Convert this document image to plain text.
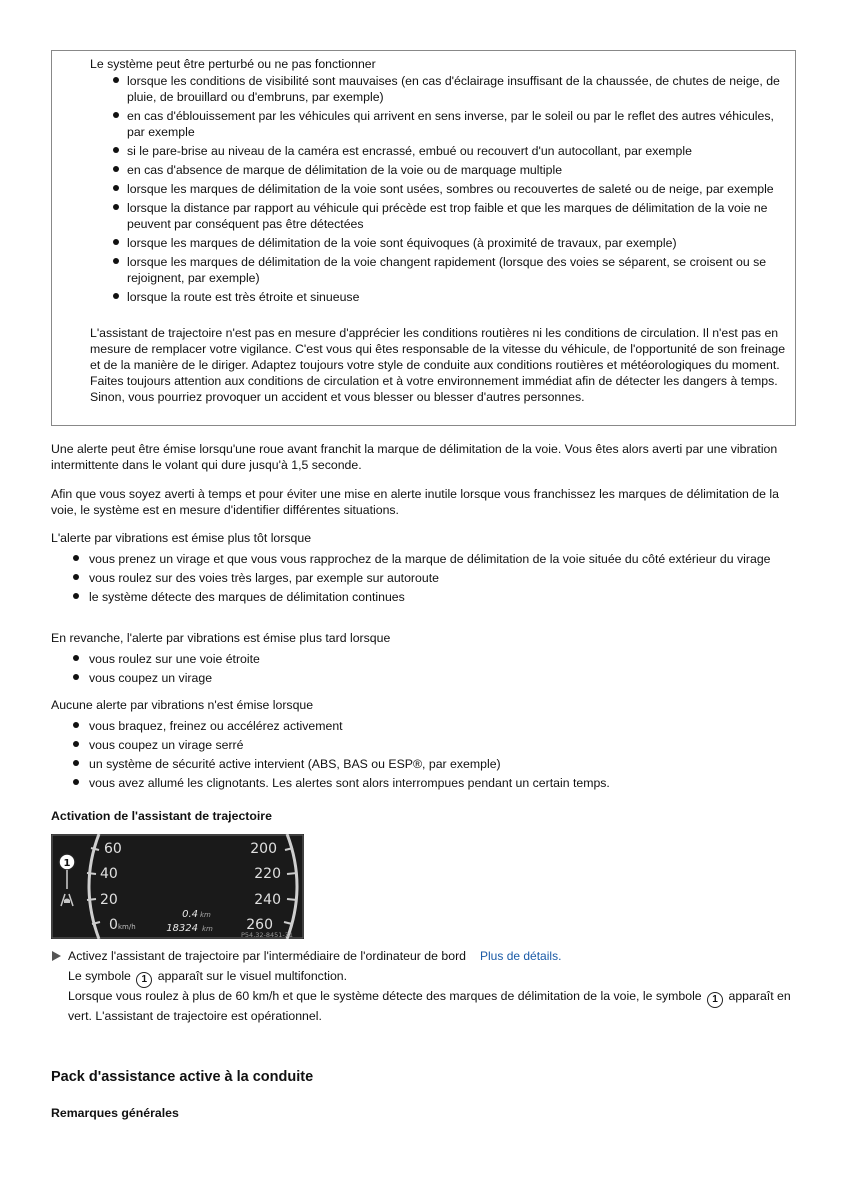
Le système peut être perturbé ou ne pas fonctionner
lorsque les conditions de visibilité sont mauvaises (en cas d'éclairage insuffisant de la chaussée, de chutes de neige, de pluie, de brouillard ou d'embruns, par exemple)
en cas d'éblouissement par les véhicules qui arrivent en sens inverse, par le soleil ou par le reflet des autres véhicules, par exemple
si le pare-brise au niveau de la caméra est encrassé, embué ou recouvert d'un autocollant, par exemple
en cas d'absence de marque de délimitation de la voie ou de marquage multiple
lorsque les marques de délimitation de la voie sont usées, sombres ou recouvertes de saleté ou de neige, par exemple
lorsque la distance par rapport au véhicule qui précède est trop faible et que les marques de délimitation de la voie ne peuvent par conséquent pas être détectées
lorsque les marques de délimitation de la voie sont équivoques (à proximité de travaux, par exemple)
lorsque les marques de délimitation de la voie changent rapidement (lorsque des voies se séparent, se croisent ou se rejoignent, par exemple)
lorsque la route est très étroite et sinueuse
L'assistant de trajectoire n'est pas en mesure d'apprécier les conditions routières ni les conditions de circulation. Il n'est pas en mesure de remplacer votre vigilance. C'est vous qui êtes responsable de la vitesse du véhicule, de l'opportunité de son freinage et de la manière de le diriger. Adaptez toujours votre style de conduite aux conditions routières et météorologiques du moment. Faites toujours attention aux conditions de circulation et à votre environnement immédiat afin de détecter les dangers à temps. Sinon, vous pourriez provoquer un accident et vous blesser ou blesser d'autres personnes.

Une alerte peut être émise lorsqu'une roue avant franchit la marque de délimitation de la voie. Vous êtes alors averti par une vibration intermittente dans le volant qui dure jusqu'à 1,5 seconde.

Afin que vous soyez averti à temps et pour éviter une mise en alerte inutile lorsque vous franchissez les marques de délimitation de la voie, le système est en mesure d'identifier différentes situations.

L'alerte par vibrations est émise plus tôt lorsque

vous prenez un virage et que vous vous rapprochez de la marque de délimitation de la voie située du côté extérieur du virage
vous roulez sur des voies très larges, par exemple sur autoroute
le système détecte des marques de délimitation continues

En revanche, l'alerte par vibrations est émise plus tard lorsque

vous roulez sur une voie étroite
vous coupez un virage

Aucune alerte par vibrations n'est émise lorsque

vous braquez, freinez ou accélérez activement
vous coupez un virage serré
un système de sécurité active intervient (ABS, BAS ou ESP®, par exemple)
vous avez allumé les clignotants. Les alertes sont alors interrompues pendant un certain temps.

Activation de l'assistant de trajectoire

60
40
20
0 km/h
200
220
240
260
0.4 km
18324 km
P54.32-8451-31
1
Activez l'assistant de trajectoire par l'intermédiaire de l'ordinateur de bord Plus de détails.
Le symbole 1 apparaît sur le visuel multifonction.
Lorsque vous roulez à plus de 60 km/h et que le système détecte des marques de délimitation de la voie, le symbole 1 apparaît en vert. L'assistant de trajectoire est opérationnel.
Pack d'assistance active à la conduite

Remarques générales
